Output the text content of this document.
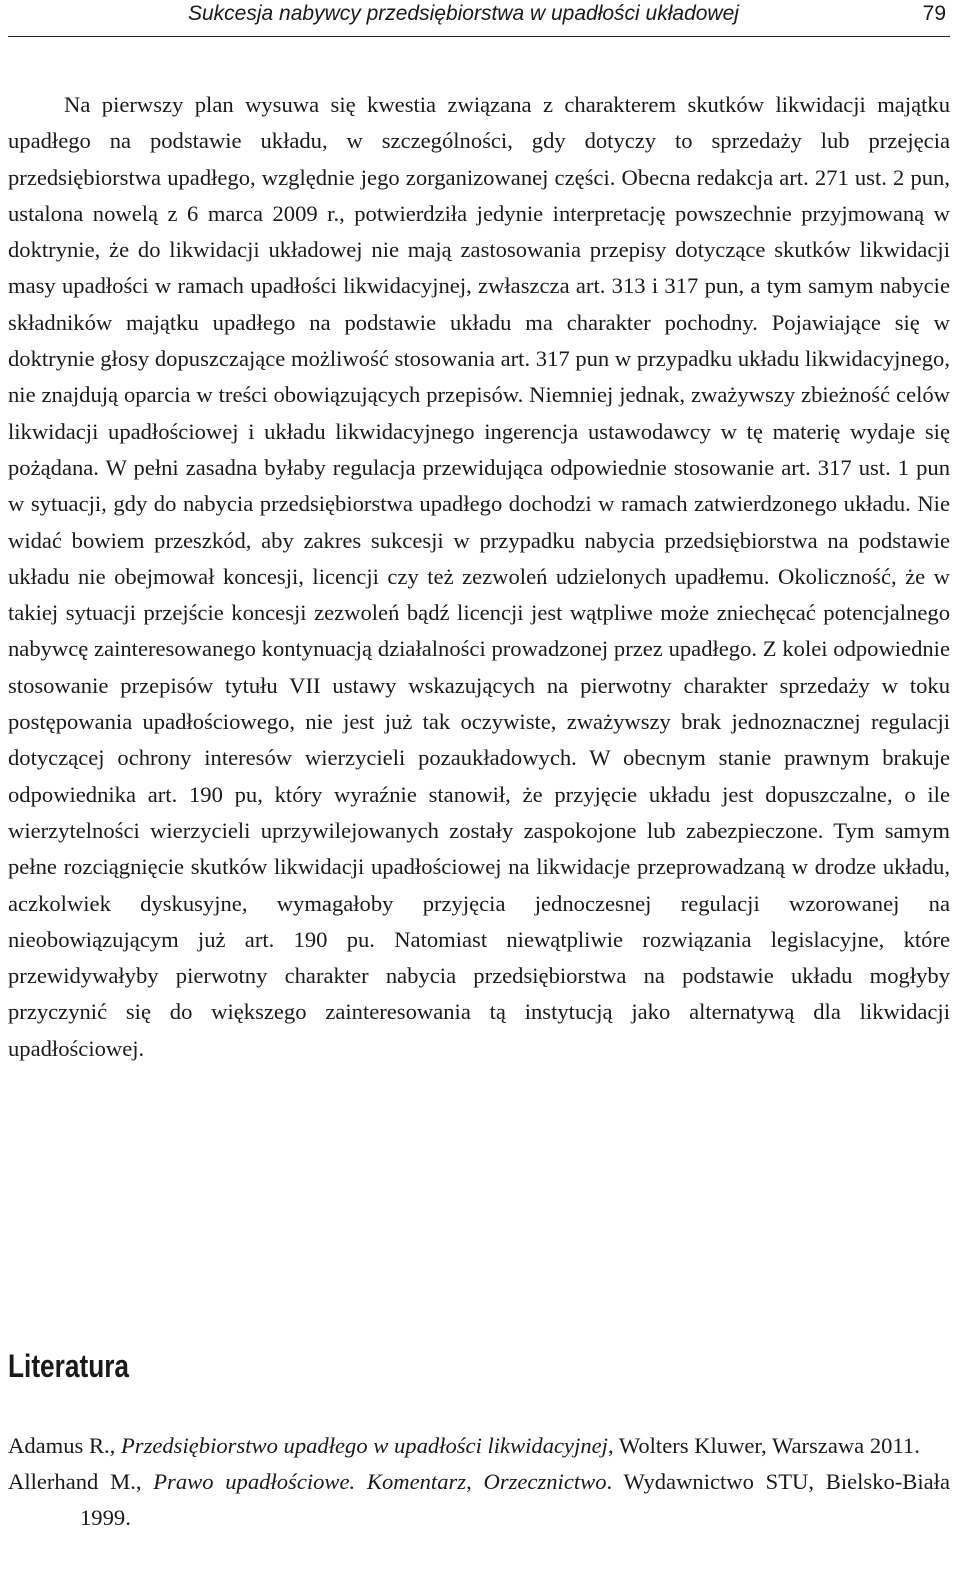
Sukcesja nabywcy przedsiębiorstwa w upadłości układowej	79

Na pierwszy plan wysuwa się kwestia związana z charakterem skutków likwidacji majątku upadłego na podstawie układu, w szczególności, gdy dotyczy to sprzedaży lub przejęcia przedsiębiorstwa upadłego, względnie jego zorganizowanej części. Obecna redakcja art. 271 ust. 2 pun, ustalona nowelą z 6 marca 2009 r., potwierdziła jedynie interpretację powszechnie przyjmowaną w doktrynie, że do likwidacji układowej nie mają zastosowania przepisy dotyczące skutków likwidacji masy upadłości w ramach upadłości likwidacyjnej, zwłaszcza art. 313 i 317 pun, a tym samym nabycie składników majątku upadłego na podstawie układu ma charakter pochodny. Pojawiające się w doktrynie głosy dopuszczające możliwość stosowania art. 317 pun w przypadku układu likwidacyjnego, nie znajdują oparcia w treści obowiązujących przepisów. Niemniej jednak, zważywszy zbieżność celów likwidacji upadłościowej i układu likwidacyjnego ingerencja ustawodawcy w tę materię wydaje się pożądana. W pełni zasadna byłaby regulacja przewidująca odpowiednie stosowanie art. 317 ust. 1 pun w sytuacji, gdy do nabycia przedsiębiorstwa upadłego dochodzi w ramach zatwierdzonego układu. Nie widać bowiem przeszkód, aby zakres sukcesji w przypadku nabycia przedsiębiorstwa na podstawie układu nie obejmował koncesji, licencji czy też zezwoleń udzielonych upadłemu. Okoliczność, że w takiej sytuacji przejście koncesji zezwoleń bądź licencji jest wątpliwe może zniechęcać potencjalnego nabywcę zainteresowanego kontynuacją działalności prowadzonej przez upadłego. Z kolei odpowiednie stosowanie przepisów tytułu VII ustawy wskazujących na pierwotny charakter sprzedaży w toku postępowania upadłościowego, nie jest już tak oczywiste, zważywszy brak jednoznacznej regulacji dotyczącej ochrony interesów wierzycieli pozaukładowych. W obecnym stanie prawnym brakuje odpowiednika art. 190 pu, który wyraźnie stanowił, że przyjęcie układu jest dopuszczalne, o ile wierzytelności wierzycieli uprzywilejowanych zostały zaspokojone lub zabezpieczone. Tym samym pełne rozciągnięcie skutków likwidacji upadłościowej na likwidacje przeprowadzaną w drodze układu, aczkolwiek dyskusyjne, wymagałoby przyjęcia jednoczesnej regulacji wzorowanej na nieobowiązującym już art. 190 pu. Natomiast niewątpliwie rozwiązania legislacyjne, które przewidywałyby pierwotny charakter nabycia przedsiębiorstwa na podstawie układu mogłyby przyczynić się do większego zainteresowania tą instytucją jako alternatywą dla likwidacji upadłościowej.

Literatura
Adamus R., Przedsiębiorstwo upadłego w upadłości likwidacyjnej, Wolters Kluwer, Warszawa 2011.
Allerhand M., Prawo upadłościowe. Komentarz, Orzecznictwo. Wydawnictwo STU, Bielsko-Biała 1999.
